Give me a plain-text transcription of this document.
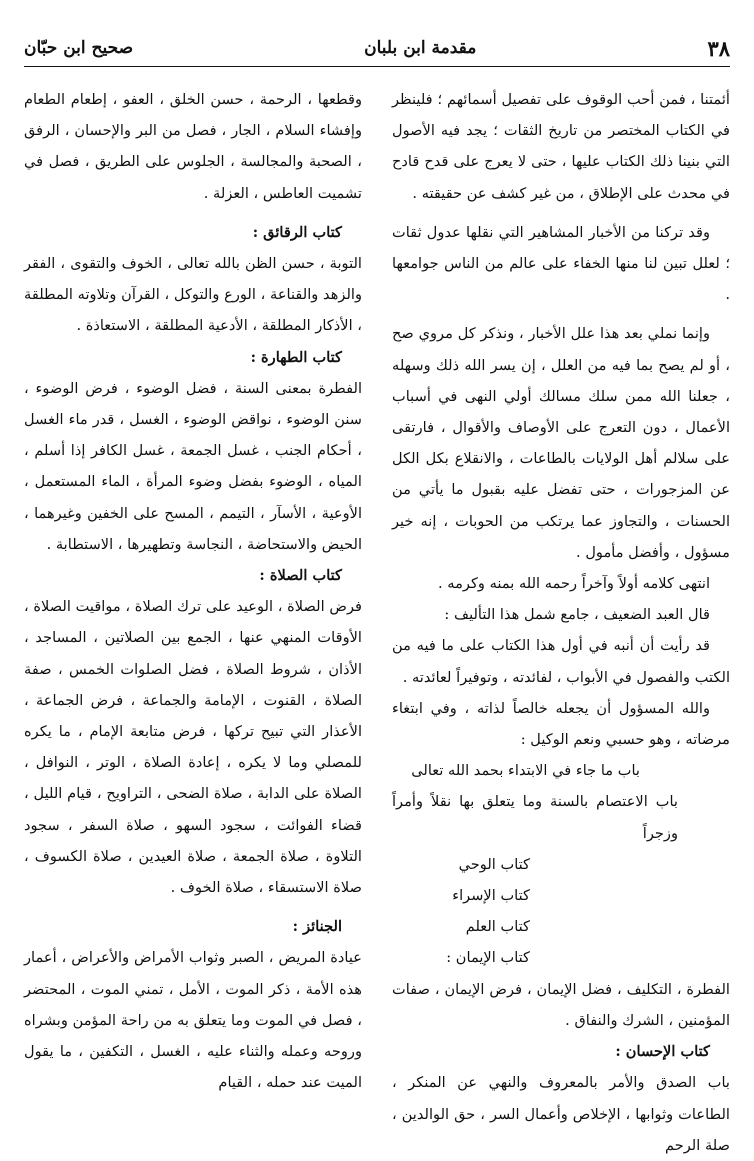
٣٨
مقدمة ابن بلبان
صحيح ابن حبّان

أئمتنا ، فمن أحب الوقوف على تفصيل أسمائهم ؛ فلينظر في الكتاب المختصر من تاريخ الثقات ؛ يجد فيه الأصول التي بنينا ذلك الكتاب عليها ، حتى لا يعرج على قدح قادح في محدث على الإطلاق ، من غير كشف عن حقيقته .

وقد تركنا من الأخبار المشاهير التي نقلها عدول ثقات ؛ لعلل تبين لنا منها الخفاء على عالم من الناس جوامعها .

وإنما نملي بعد هذا علل الأخبار ، ونذكر كل مروي صح ، أو لم يصح بما فيه من العلل ، إن يسر الله ذلك وسهله ، جعلنا الله ممن سلك مسالك أولي النهى في أسباب الأعمال ، دون التعرج على الأوصاف والأقوال ، فارتقى على سلالم أهل الولايات بالطاعات ، والانقلاع بكل الكل عن المزجورات ، حتى تفضل عليه بقبول ما يأتي من الحسنات ، والتجاوز عما يرتكب من الحوبات ، إنه خير مسؤول ، وأفضل مأمول .

انتهى كلامه أولاً وآخراً رحمه الله بمنه وكرمه .

قال العبد الضعيف ، جامع شمل هذا التأليف :

قد رأيت أن أنبه في أول هذا الكتاب على ما فيه من الكتب والفصول في الأبواب ، لفائدته ، وتوفيراً لعائدته .

والله المسؤول أن يجعله خالصاً لذاته ، وفي ابتغاء مرضاته ، وهو حسبي ونعم الوكيل :

باب ما جاء في الابتداء بحمد الله تعالى

باب الاعتصام بالسنة وما يتعلق بها نقلاً وأمراً وزجراً

كتاب الوحي

كتاب الإسراء

كتاب العلم

كتاب الإيمان :

الفطرة ، التكليف ، فضل الإيمان ، فرض الإيمان ، صفات المؤمنين ، الشرك والنفاق .

كتاب الإحسان :

باب الصدق والأمر بالمعروف والنهي عن المنكر ، الطاعات وثوابها ، الإخلاص وأعمال السر ، حق الوالدين ، صلة الرحم

وقطعها ، الرحمة ، حسن الخلق ، العفو ، إطعام الطعام وإفشاء السلام ، الجار ، فصل من البر والإحسان ، الرفق ، الصحبة والمجالسة ، الجلوس على الطريق ، فصل في تشميت العاطس ، العزلة .

كتاب الرقائق :

التوبة ، حسن الظن بالله تعالى ، الخوف والتقوى ، الفقر والزهد والقناعة ، الورع والتوكل ، القرآن وتلاوته المطلقة ، الأذكار المطلقة ، الأدعية المطلقة ، الاستعاذة .

كتاب الطهارة :

الفطرة بمعنى السنة ، فضل الوضوء ، فرض الوضوء ، سنن الوضوء ، نواقض الوضوء ، الغسل ، قدر ماء الغسل ، أحكام الجنب ، غسل الجمعة ، غسل الكافر إذا أسلم ، المياه ، الوضوء بفضل وضوء المرأة ، الماء المستعمل ، الأوعية ، الأسآر ، التيمم ، المسح على الخفين وغيرهما ، الحيض والاستحاضة ، النجاسة وتطهيرها ، الاستطابة .

كتاب الصلاة :

فرض الصلاة ، الوعيد على ترك الصلاة ، مواقيت الصلاة ، الأوقات المنهي عنها ، الجمع بين الصلاتين ، المساجد ، الأذان ، شروط الصلاة ، فضل الصلوات الخمس ، صفة الصلاة ، القنوت ، الإمامة والجماعة ، فرض الجماعة ، الأعذار التي تبيح تركها ، فرض متابعة الإمام ، ما يكره للمصلي وما لا يكره ، إعادة الصلاة ، الوتر ، النوافل ، الصلاة على الدابة ، صلاة الضحى ، التراويح ، قيام الليل ، قضاء الفوائت ، سجود السهو ، صلاة السفر ، سجود التلاوة ، صلاة الجمعة ، صلاة العيدين ، صلاة الكسوف ، صلاة الاستسقاء ، صلاة الخوف .

الجنائز :

عيادة المريض ، الصبر وثواب الأمراض والأعراض ، أعمار هذه الأمة ، ذكر الموت ، الأمل ، تمني الموت ، المحتضر ، فصل في الموت وما يتعلق به من راحة المؤمن وبشراه وروحه وعمله والثناء عليه ، الغسل ، التكفين ، ما يقول الميت عند حمله ، القيام
